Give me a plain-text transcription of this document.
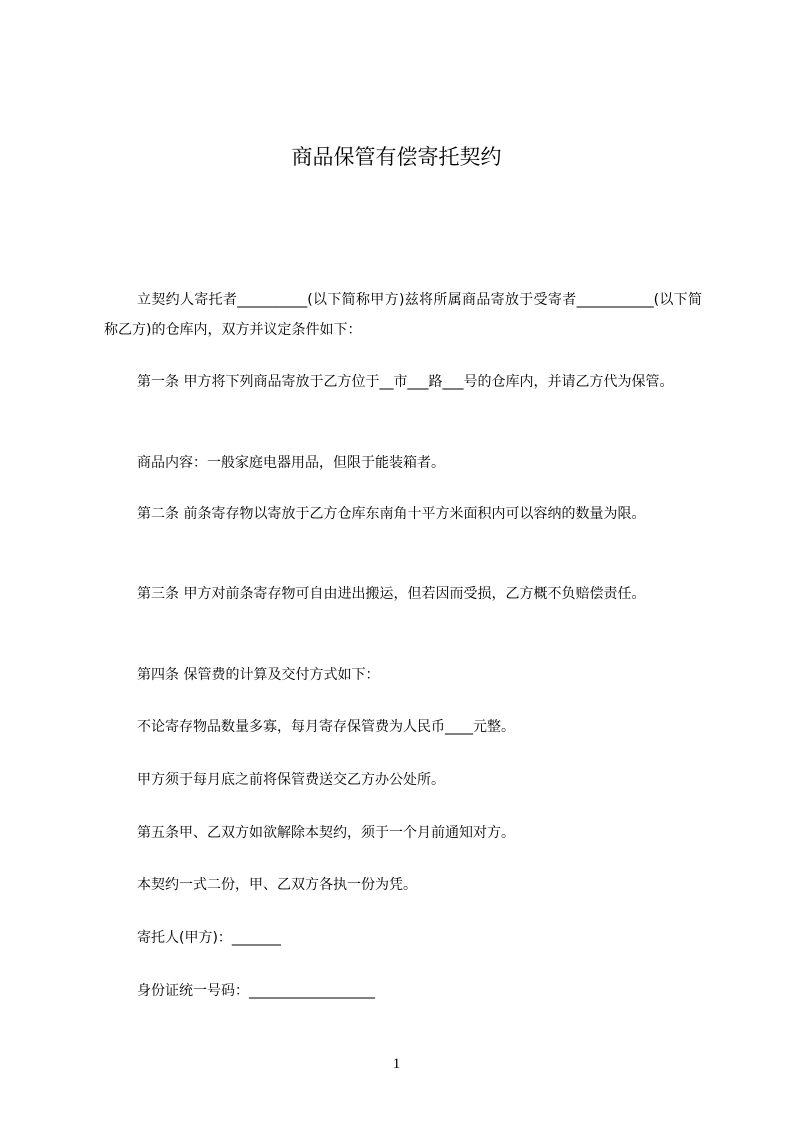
商品保管有偿寄托契约

立契约人寄托者__________(以下简称甲方)兹将所属商品寄放于受寄者___________(以下简称乙方)的仓库内，双方并议定条件如下：

第一条 甲方将下列商品寄放于乙方位于__市___路___号的仓库内，并请乙方代为保管。

商品内容：一般家庭电器用品，但限于能装箱者。

第二条 前条寄存物以寄放于乙方仓库东南角十平方米面积内可以容纳的数量为限。

第三条 甲方对前条寄存物可自由进出搬运，但若因而受损，乙方概不负赔偿责任。

第四条 保管费的计算及交付方式如下：

不论寄存物品数量多寡，每月寄存保管费为人民币____元整。

甲方须于每月底之前将保管费送交乙方办公处所。

第五条甲、乙双方如欲解除本契约，须于一个月前通知对方。

本契约一式二份，甲、乙双方各执一份为凭。

寄托人(甲方)：_______

身份证统一号码：__________________

1
